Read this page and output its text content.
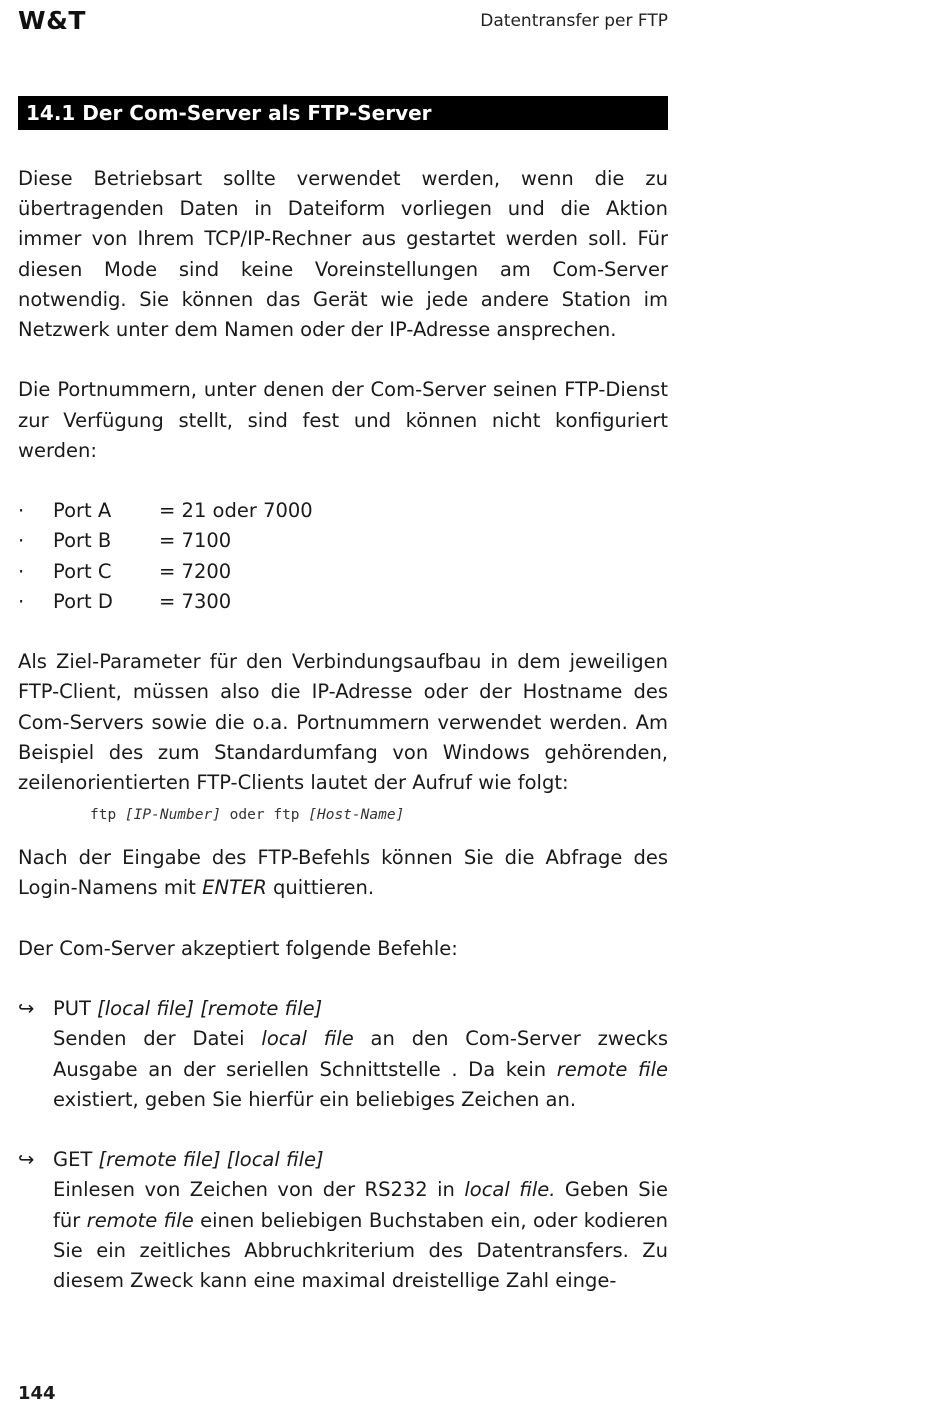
W&T	Datentransfer per FTP
14.1 Der Com-Server als FTP-Server

Diese Betriebsart sollte verwendet werden, wenn die zu übertragenden Daten in Dateiform vorliegen und die Aktion immer von Ihrem TCP/IP-Rechner aus gestartet werden soll. Für diesen Mode sind keine Voreinstellungen am Com-Server notwendig. Sie können das Gerät wie jede andere Station im Netzwerk unter dem Namen oder der IP-Adresse ansprechen.

Die Portnummern, unter denen der Com-Server seinen FTP-Dienst zur Verfügung stellt, sind fest und können nicht konfiguriert werden:

·	Port A	= 21 oder 7000
·	Port B	= 7100
·	Port C	= 7200
·	Port D	= 7300

Als Ziel-Parameter für den Verbindungsaufbau in dem jeweiligen FTP-Client, müssen also die IP-Adresse oder der Hostname des Com-Servers sowie die o.a. Portnummern verwendet werden. Am Beispiel des zum Standardumfang von Windows gehörenden, zeilenorientierten FTP-Clients lautet der Aufruf wie folgt:

ftp [IP-Number] oder ftp [Host-Name]

Nach der Eingabe des FTP-Befehls können Sie die Abfrage des Login-Namens mit ENTER quittieren.

Der Com-Server akzeptiert folgende Befehle:

↪ PUT [local file] [remote file]

Senden der Datei local file an den Com-Server zwecks Ausgabe an der seriellen Schnittstelle . Da kein remote file existiert, geben Sie hierfür ein beliebiges Zeichen an.

↪ GET [remote file] [local file]

Einlesen von Zeichen von der RS232 in local file. Geben Sie für remote file einen beliebigen Buchstaben ein, oder kodieren Sie ein zeitliches Abbruchkriterium des Datentransfers. Zu diesem Zweck kann eine maximal dreistellige Zahl einge-

144
